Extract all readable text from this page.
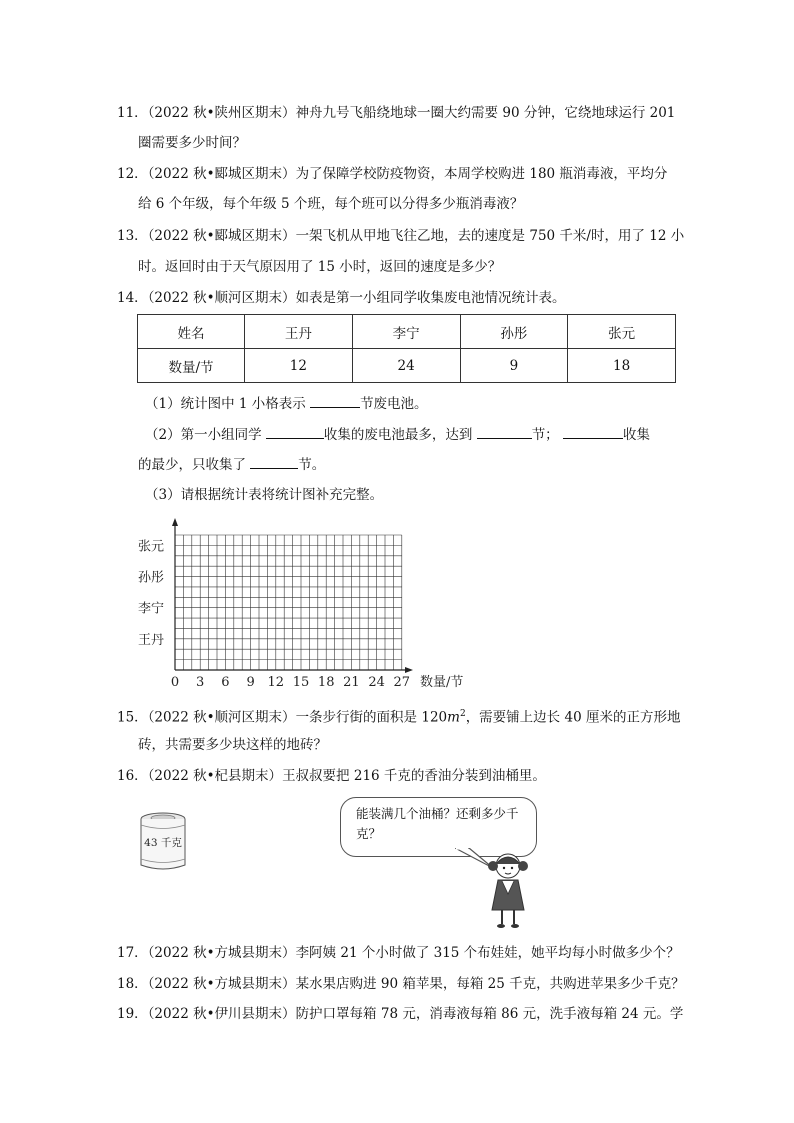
11．（2022 秋•陕州区期末）神舟九号飞船绕地球一圈大约需要 90 分钟，它绕地球运行 201
圈需要多少时间？
12．（2022 秋•郾城区期末）为了保障学校防疫物资，本周学校购进 180 瓶消毒液，平均分
给 6 个年级，每个年级 5 个班，每个班可以分得多少瓶消毒液？
13．（2022 秋•郾城区期末）一架飞机从甲地飞往乙地，去的速度是 750 千米/时，用了 12 小
时。返回时由于天气原因用了 15 小时，返回的速度是多少？
14．（2022 秋•顺河区期末）如表是第一小组同学收集废电池情况统计表。
姓名	王丹	李宁	孙彤	张元
数量/节	12	24	9	18
（1）统计图中 1 小格表示	节废电池。
（2）第一小组同学	收集的废电池最多，达到	节；	收集
的最少，只收集了	节。
（3）请根据统计表将统计图补充完整。
王丹
李宁
孙彤
张元
0 3 6 9 12 15 18 21 24 27 数量/节
15．（2022 秋•顺河区期末）一条步行街的面积是 $120m^2$，需要铺上边长 40 厘米的正方形地
砖，共需要多少块这样的地砖？
16．（2022 秋•杞县期末）王叔叔要把 216 千克的香油分装到油桶里。
43 千克
能装满几个油桶？还剩多少千克？
17．（2022 秋•方城县期末）李阿姨 21 个小时做了 315 个布娃娃，她平均每小时做多少个？
18．（2022 秋•方城县期末）某水果店购进 90 箱苹果，每箱 25 千克，共购进苹果多少千克？
19．（2022 秋•伊川县期末）防护口罩每箱 78 元，消毒液每箱 86 元，洗手液每箱 24 元。学
